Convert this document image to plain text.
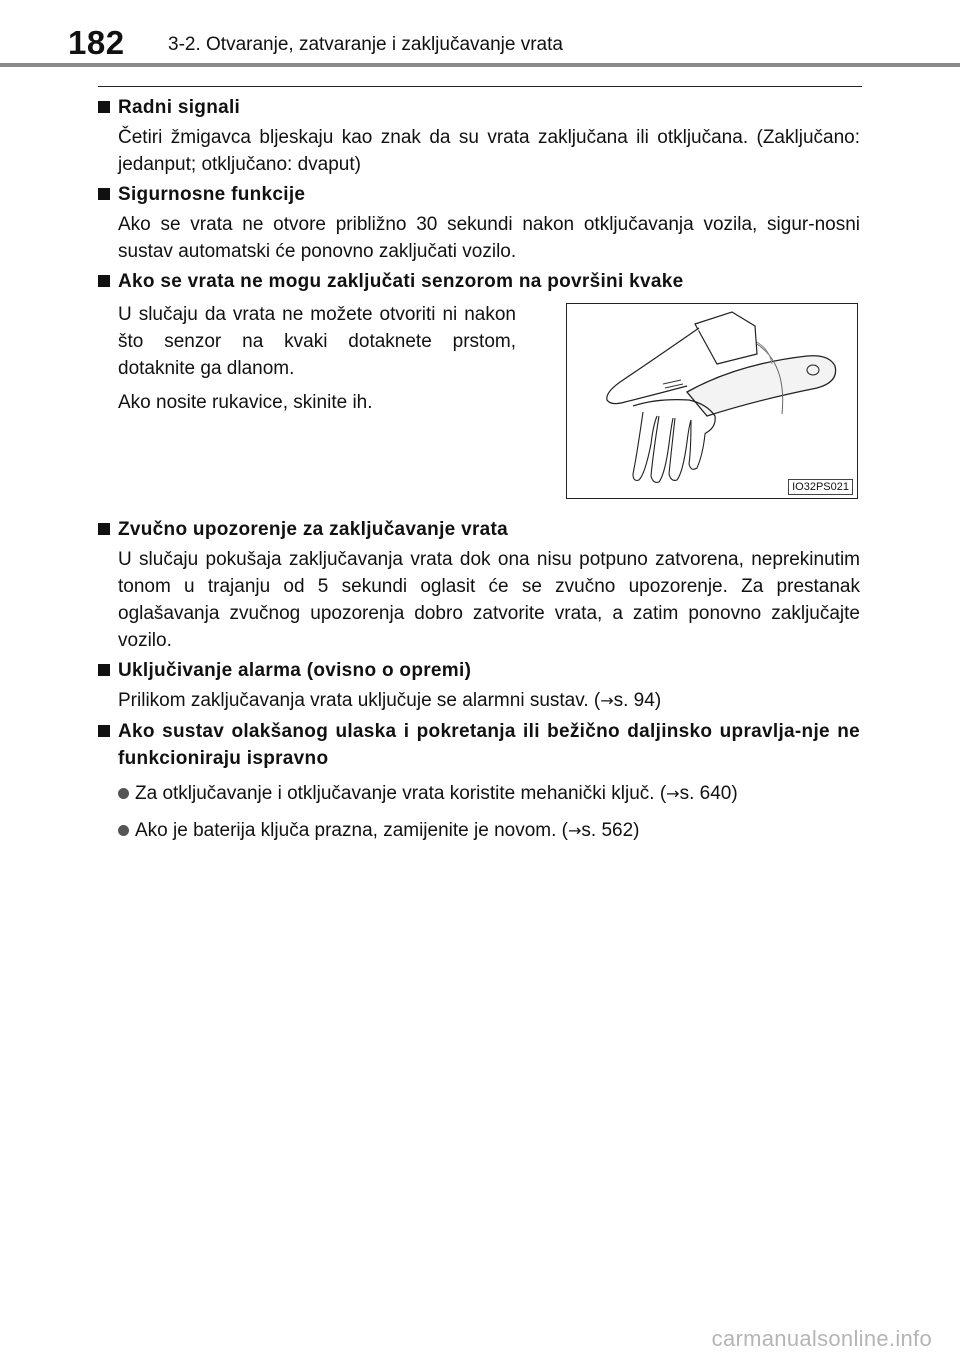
182 3-2. Otvaranje, zatvaranje i zaključavanje vrata
Radni signali

Četiri žmigavca bljeskaju kao znak da su vrata zaključana ili otključana. (Zaključano: jedanput; otključano: dvaput)

Sigurnosne funkcije

Ako se vrata ne otvore približno 30 sekundi nakon otključavanja vozila, sigur-nosni sustav automatski će ponovno zaključati vozilo.

Ako se vrata ne mogu zaključati senzorom na površini kvake

U slučaju da vrata ne možete otvoriti ni nakon što senzor na kvaki dotaknete prstom, dotaknite ga dlanom.

Ako nosite rukavice, skinite ih.

IO32PS021
Zvučno upozorenje za zaključavanje vrata

U slučaju pokušaja zaključavanja vrata dok ona nisu potpuno zatvorena, neprekinutim tonom u trajanju od 5 sekundi oglasit će se zvučno upozorenje. Za prestanak oglašavanja zvučnog upozorenja dobro zatvorite vrata, a zatim ponovno zaključajte vozilo.

Uključivanje alarma (ovisno o opremi)

Prilikom zaključavanja vrata uključuje se alarmni sustav. (→s. 94)

Ako sustav olakšanog ulaska i pokretanja ili bežično daljinsko upravlja-nje ne funkcioniraju ispravno
Za otključavanje i otključavanje vrata koristite mehanički ključ. (→s. 640)
Ako je baterija ključa prazna, zamijenite je novom. (→s. 562)
carmanualsonline.info
